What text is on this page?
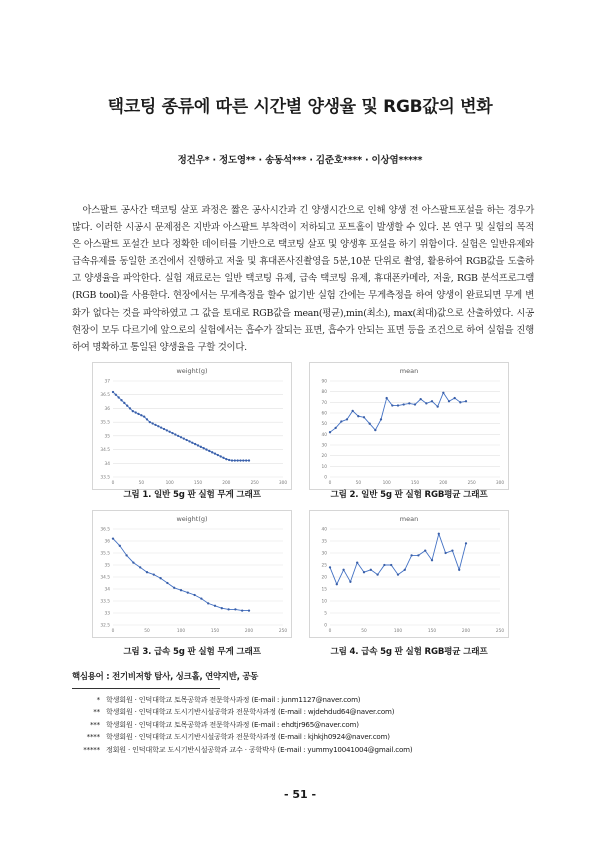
택코팅 종류에 따른 시간별 양생율 및 RGB값의 변화
정건우* · 정도영** · 송동석*** · 김준호**** · 이상염*****

아스팔트 공사간 택코팅 살포 과정은 짧은 공사시간과 긴 양생시간으로 인해 양생 전 아스팔트포설을 하는 경우가 많다. 이러한 시공시 문제점은 지반과 아스팔트 부착력이 저하되고 포트홀이 발생할 수 있다. 본 연구 및 실험의 목적은 아스팔트 포설간 보다 정확한 데이터를 기반으로 택코팅 살포 및 양생후 포설을 하기 위함이다. 실험은 일반유제와 급속유제를 동일한 조건에서 진행하고 저울 및 휴대폰사진촬영을 5분,10분 단위로 촬영, 활용하여 RGB값을 도출하고 양생율을 파악한다. 실험 재료로는 일반 택코팅 유제, 급속 택코팅 유제, 휴대폰카메라, 저울, RGB 분석프로그램(RGB tool)을 사용한다. 현장에서는 무게측정을 할수 없기반 실험 간에는 무게측정을 하여 양생이 완료되면 무게 변화가 없다는 것을 파악하였고 그 값을 토대로 RGB값을 mean(평균),min(최소), max(최대)값으로 산출하였다. 시공현장이 모두 다르기에 앞으로의 실험에서는 흡수가 잘되는 표면, 흡수가 안되는 표면 등을 조건으로 하여 실험을 진행하여 명확하고 통일된 양생율을 구할 것이다.

weight(g)
33.5
34
34.5
35
35.5
36
36.5
37
0	50	100	150	200	250	300
mean
0
10
20
30
40
50
60
70
80
90
0	50	100	150	200	250	300
그림 1. 일반 5g 판 실험 무게 그래프	그림 2. 일반 5g 판 실험 RGB평균 그래프
weight(g)
32.5
33
33.5
34
34.5
35
35.5
36
36.5
0	50	100	150	200	250
mean
0
5
10
15
20
25
30
35
40
0	50	100	150	200	250
그림 3. 급속 5g 판 실험 무게 그래프	그림 4. 급속 5g 판 실험 RGB평균 그래프
핵심용어 : 전기비저항 탐사, 싱크홀, 연약지반, 공동
* 학생회원 · 인덕대학교 토목공학과 전문학사과정 (E-mail : junm1127@naver.com)
** 학생회원 · 인덕대학교 도시기반시설공학과 전문학사과정 (E-mail : wjdehdud64@naver.com)
*** 학생회원 · 인덕대학교 토목공학과 전문학사과정 (E-mail : ehdtjr965@naver.com)
**** 학생회원 · 인덕대학교 도시기반시설공학과 전문학사과정 (E-mail : kjhkjh0924@naver.com)
***** 정회원 · 인덕대학교 도시기반시설공학과 교수 · 공학박사 (E-mail : yummy10041004@gmail.com)
- 51 -
